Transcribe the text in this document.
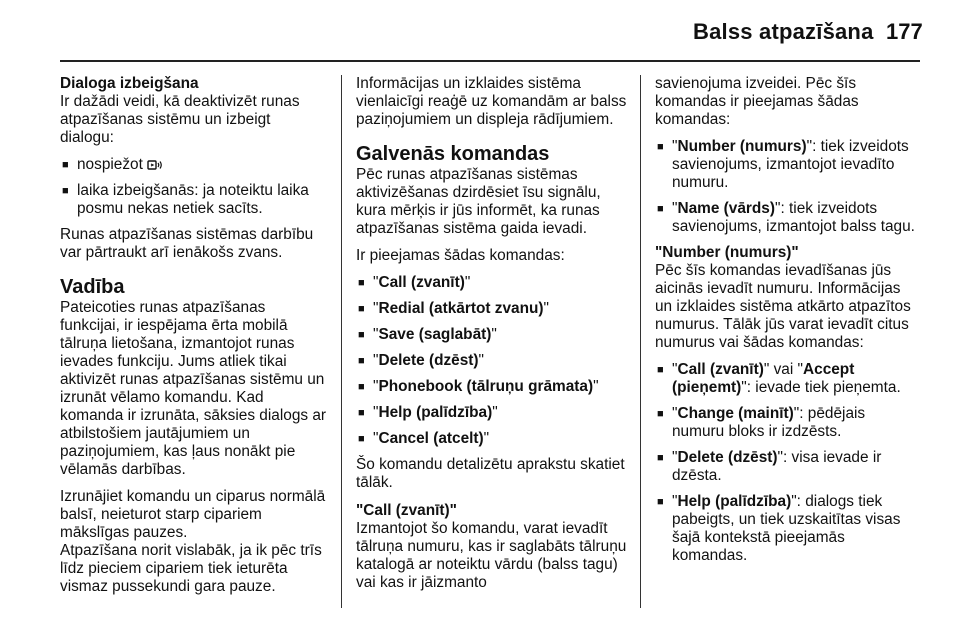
Balss atpazīšana 177

Dialoga izbeigšana

Ir dažādi veidi, kā deaktivizēt runas atpazīšanas sistēmu un izbeigt dialogu:

■ nospiežot
■ laika izbeigšanās: ja noteiktu laika posmu nekas netiek sacīts.

Runas atpazīšanas sistēmas darbību var pārtraukt arī ienākošs zvans.

Vadība

Pateicoties runas atpazīšanas funkcijai, ir iespējama ērta mobilā tālruņa lietošana, izmantojot runas ievades funkciju. Jums atliek tikai aktivizēt runas atpazīšanas sistēmu un izrunāt vēlamo komandu. Kad komanda ir izrunāta, sāksies dialogs ar atbilstošiem jautājumiem un paziņojumiem, kas ļaus nonākt pie vēlamās darbības.

Izrunājiet komandu un ciparus normālā balsī, neieturot starp cipariem mākslīgas pauzes.

Atpazīšana norit vislabāk, ja ik pēc trīs līdz pieciem cipariem tiek ieturēta vismaz pussekundi gara pauze.

Informācijas un izklaides sistēma vienlaicīgi reaģē uz komandām ar balss paziņojumiem un displeja rādījumiem.

Galvenās komandas

Pēc runas atpazīšanas sistēmas aktivizēšanas dzirdēsiet īsu signālu, kura mērķis ir jūs informēt, ka runas atpazīšanas sistēma gaida ievadi.

Ir pieejamas šādas komandas:

■ "Call (zvanīt)"
■ "Redial (atkārtot zvanu)"
■ "Save (saglabāt)"
■ "Delete (dzēst)"
■ "Phonebook (tālruņu grāmata)"
■ "Help (palīdzība)"
■ "Cancel (atcelt)"

Šo komandu detalizētu aprakstu skatiet tālāk.

"Call (zvanīt)"

Izmantojot šo komandu, varat ievadīt tālruņa numuru, kas ir saglabāts tālruņu katalogā ar noteiktu vārdu (balss tagu) vai kas ir jāizmanto

savienojuma izveidei. Pēc šīs komandas ir pieejamas šādas komandas:

■ "Number (numurs)": tiek izveidots savienojums, izmantojot ievadīto numuru.
■ "Name (vārds)": tiek izveidots savienojums, izmantojot balss tagu.

"Number (numurs)"

Pēc šīs komandas ievadīšanas jūs aicinās ievadīt numuru. Informācijas un izklaides sistēma atkārto atpazītos numurus. Tālāk jūs varat ievadīt citus numurus vai šādas komandas:

■ "Call (zvanīt)" vai "Accept (pieņemt)": ievade tiek pieņemta.
■ "Change (mainīt)": pēdējais numuru bloks ir izdzēsts.
■ "Delete (dzēst)": visa ievade ir dzēsta.
■ "Help (palīdzība)": dialogs tiek pabeigts, un tiek uzskaitītas visas šajā kontekstā pieejamās komandas.
